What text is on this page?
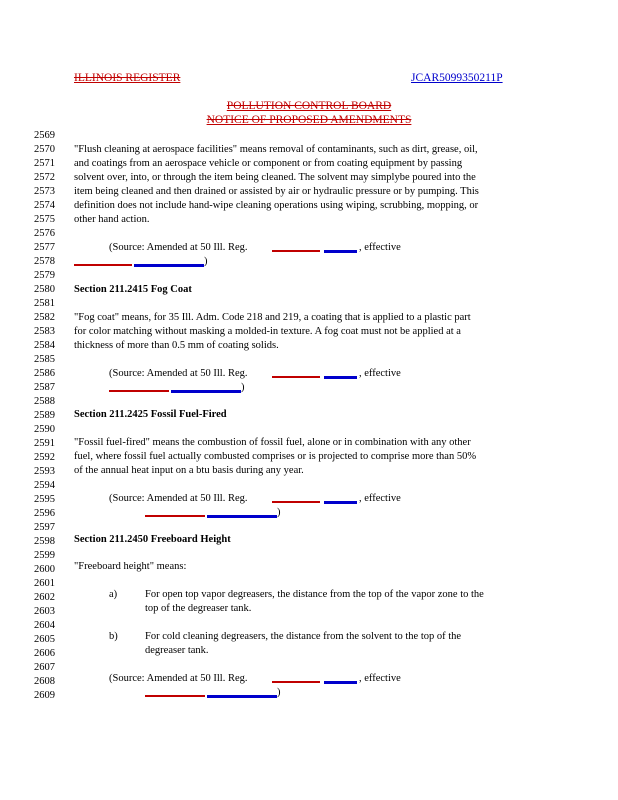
ILLINOIS REGISTER	JCAR5099350211P
POLLUTION CONTROL BOARD
NOTICE OF PROPOSED AMENDMENTS
2569
2570
2571
2572
2573
2574
2575
2576
2577
2578
2579
2580
2581
2582
2583
2584
2585
2586
2587
2588
2589
2590
2591
2592
2593
2594
2595
2596
2597
2598
2599
2600
2601
2602
2603
2604
2605
2606
2607
2608
2609
"Flush cleaning at aerospace facilities" means removal of contaminants, such as dirt, grease, oil,
and coatings from an aerospace vehicle or component or from coating equipment by passing
solvent over, into, or through the item being cleaned. The solvent may simplybe poured into the
item being cleaned and then drained or assisted by air or hydraulic pressure or by pumping. This
definition does not include hand-wipe cleaning operations using wiping, scrubbing, mopping, or
other hand action.
(Source: Amended at 50 Ill. Reg.	, effective
)
Section 211.2415 Fog Coat
"Fog coat" means, for 35 Ill. Adm. Code 218 and 219, a coating that is applied to a plastic part
for color matching without masking a molded-in texture. A fog coat must not be applied at a
thickness of more than 0.5 mm of coating solids.
(Source: Amended at 50 Ill. Reg.	, effective
)
Section 211.2425 Fossil Fuel-Fired
"Fossil fuel-fired" means the combustion of fossil fuel, alone or in combination with any other
fuel, where fossil fuel actually combusted comprises or is projected to comprise more than 50%
of the annual heat input on a btu basis during any year.
(Source: Amended at 50 Ill. Reg.	, effective
)
Section 211.2450 Freeboard Height
"Freeboard height" means:
a)	For open top vapor degreasers, the distance from the top of the vapor zone to the
top of the degreaser tank.
b)	For cold cleaning degreasers, the distance from the solvent to the top of the
degreaser tank.
(Source: Amended at 50 Ill. Reg.	, effective
)
